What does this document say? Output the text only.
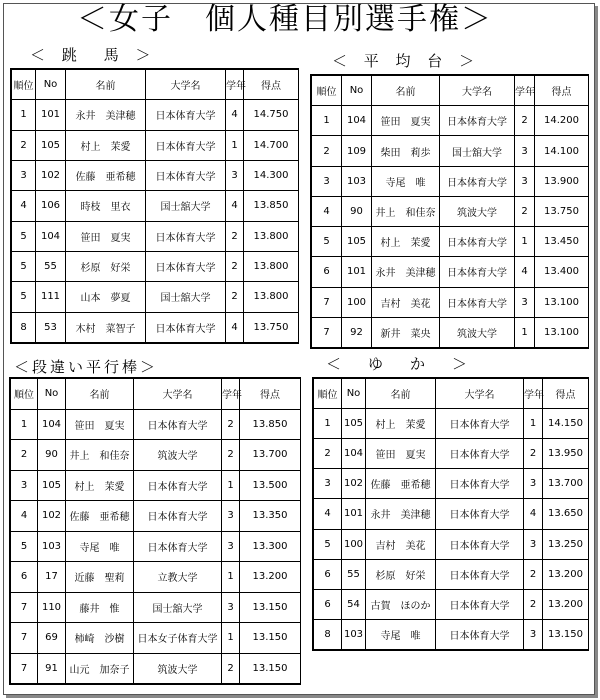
＜女子　個人種目別選手権＞
＜ 跳　馬 ＞
順位	No	名前	大学名	学年	得点
1	101	永井　美津穂	日本体育大学	4	14.750
2	105	村上　茉愛	日本体育大学	1	14.700
3	102	佐藤　亜希穂	日本体育大学	3	14.300
4	106	時枝　里衣	国士舘大学	4	13.850
5	104	笹田　夏実	日本体育大学	2	13.800
5	55	杉原　好栄	日本体育大学	2	13.800
5	111	山本　夢夏	国士舘大学	2	13.800
8	53	木村　菜智子	日本体育大学	4	13.750
＜ 平 均 台 ＞
順位	No	名前	大学名	学年	得点
1	104	笹田　夏実	日本体育大学	2	14.200
2	109	柴田　莉歩	国士舘大学	3	14.100
3	103	寺尾　唯	日本体育大学	3	13.900
4	90	井上　和佳奈	筑波大学	2	13.750
5	105	村上　茉愛	日本体育大学	1	13.450
6	101	永井　美津穂	日本体育大学	4	13.400
7	100	吉村　美花	日本体育大学	3	13.100
7	92	新井　菜央	筑波大学	1	13.100
＜段違い平行棒＞
順位	No	名前	大学名	学年	得点
1	104	笹田　夏実	日本体育大学	2	13.850
2	90	井上　和佳奈	筑波大学	2	13.700
3	105	村上　茉愛	日本体育大学	1	13.500
4	102	佐藤　亜希穂	日本体育大学	3	13.350
5	103	寺尾　唯	日本体育大学	3	13.300
6	17	近藤　聖莉	立教大学	1	13.200
7	110	藤井　惟	国士舘大学	3	13.150
7	69	柿崎　沙樹	日本女子体育大学	1	13.150
7	91	山元　加奈子	筑波大学	2	13.150
＜　ゆ　か　＞
順位	No	名前	大学名	学年	得点
1	105	村上　茉愛	日本体育大学	1	14.150
2	104	笹田　夏実	日本体育大学	2	13.950
3	102	佐藤　亜希穂	日本体育大学	3	13.700
4	101	永井　美津穂	日本体育大学	4	13.650
5	100	吉村　美花	日本体育大学	3	13.250
6	55	杉原　好栄	日本体育大学	2	13.200
6	54	古賀　ほのか	日本体育大学	2	13.200
8	103	寺尾　唯	日本体育大学	3	13.150
